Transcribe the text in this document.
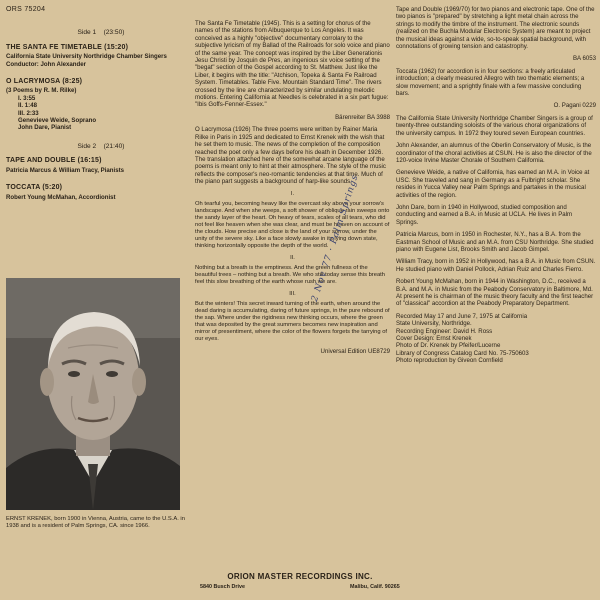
ORS 75204
Side 1 (23:50)
THE SANTA FE TIMETABLE (15:20)
California State University Northridge Chamber Singers
Conductor: John Alexander
O LACRYMOSA (8:25)
(3 Poems by R. M. Rilke)
I. 3:55
II. 1:48
III. 2:33
Genevieve Weide, Soprano
John Dare, Pianist
Side 2 (21:40)
TAPE AND DOUBLE (16:15)
Patricia Marcus & William Tracy, Pianists
TOCCATA (5:20)
Robert Young McMahan, Accordionist
ERNST KRENEK, born 1900 in Vienna, Austria, came to the U.S.A. in 1938 and is a resident of Palm Springs, CA. since 1966.

The Santa Fe Timetable (1945). This is a setting for chorus of the names of the stations from Albuquerque to Los Angeles. It was conceived as a highly "objective" documentary corrolary to the subjective lyricism of my Ballad of the Railroads for solo voice and piano of the same year. The concept was inspired by the Liber Generationis Jesu Christi by Josquin de Pres, an ingenious six voice setting of the "begat" section of the Gospel according to St. Matthew. Just like the Liber, it begins with the title: "Atchison, Topeka & Santa Fe Railroad System. Timetables. Table Five. Mountain Standard Time". The rivers crossed by the line are characterized by similar undulating melodic motions. Entering California at Needles is celebrated in a six part fugue: "Ibis Goffs-Fenner-Essex."

Bärenreiter BA 3988

O Lacrymosa (1926) The three poems were written by Rainer Maria Rilke in Paris in 1925 and dedicated to Ernst Krenek with the wish that he set them to music. The news of the completion of the composition reached the poet only a few days before his death in December 1926. The translation attached here of the somewhat arcane language of the poems is meant only to hint at their atmosphere. The style of the music reflects the composer's neo-romantic tendencies at that time. Much of the piano part suggests a background of harp-like sounds.

I.
Oh tearful you, becoming heavy like the overcast sky above your sorrow's landscape. And when she weeps, a soft shower of oblique rain sweeps onto the sandy layer of the heart. Oh heavy of tears, scales of all tears, who did not feel like heaven when she was clear, and must be heaven on account of the clouds. How precise and close is the land of your sorrow, under the unity of the severe sky. Like a face slowly awake in its lying down state, thinking horizontally opposite the depth of the world.
II.
Nothing but a breath is the emptiness. And the green fullness of the beautiful trees – nothing but a breath. We who still today sense this breath feel this slow breathing of the earth whose rush we are.
III.
But the winters! This secret inward turning of the earth, when around the dead daring is accumulating, daring of future springs, in the pure rebound of the sap. Where under the rigidness new thinking occurs, where the green that was deposited by the great summers becomes new inspiration and mirror of presentiment, where the color of the flowers forgets the tarrying of our eyes.

Universal Edition UE8729

Tape and Double (1969/70) for two pianos and electronic tape. One of the two pianos is "prepared" by stretching a light metal chain across the strings to modify the timbre of the instrument. The electronic sounds (realized on the Buchla Modular Electronic System) are meant to project the musical ideas against a wide, so-to-speak spatial background, with connotations of growing tension and catastrophy.

BA 6053

Toccata (1962) for accordion is in four sections: a freely articulated introduction; a clearly measured Allegro with two thematic elements; a slow movement; and a sprightly finale with a few massive concluding bars.

O. Pagani 0229

The California State University Northridge Chamber Singers is a group of twenty-three outstanding soloists of the various choral organizations of the university campus. In 1972 they toured seven European countries.

John Alexander, an alumnus of the Oberlin Conservatory of Music, is the coordinator of the choral activities at CSUN. He is also the director of the 120-voice Irvine Master Chorale of Southern California.

Genevieve Weide, a native of California, has earned an M.A. in Voice at USC. She traveled and sang in Germany as a Fulbright scholar. She resides in Yucca Valley near Palm Springs and partakes in the musical activities of the region.

John Dare, born in 1940 in Hollywood, studied composition and conducting and earned a B.A. in Music at UCLA. He lives in Palm Springs.

Patricia Marcus, born in 1950 in Rochester, N.Y., has a B.A. from the Eastman School of Music and an M.A. from CSU Northridge. She studied piano with Eugene List, Brooks Smith and Jacob Gimpel.

William Tracy, born in 1952 in Hollywood, has a B.A. in Music from CSUN. He studied piano with Daniel Pollock, Adrian Ruiz and Charles Fierro.

Robert Young McMahan, born in 1944 in Washington, D.C., received a B.A. and M.A. in Music from the Peabody Conservatory in Baltimore, Md. At present he is chairman of the music theory faculty and the first teacher of "classical" accordion at the Peabody Preparatory Department.

Recorded May 17 and June 7, 1975 at California
State University, Northridge.
Recording Engineer: David H. Ross
Cover Design: Ernst Krenek
Photo of Dr. Krenek by Pfeifer/Lucerne
Library of Congress Catalog Card No. 75-750603
Photo reproduction by Giveon Cornfield
2 Nov 77 · Palm Springs
ORION MASTER RECORDINGS INC.
5840 Busch Drive	Malibu, Calif. 90265
